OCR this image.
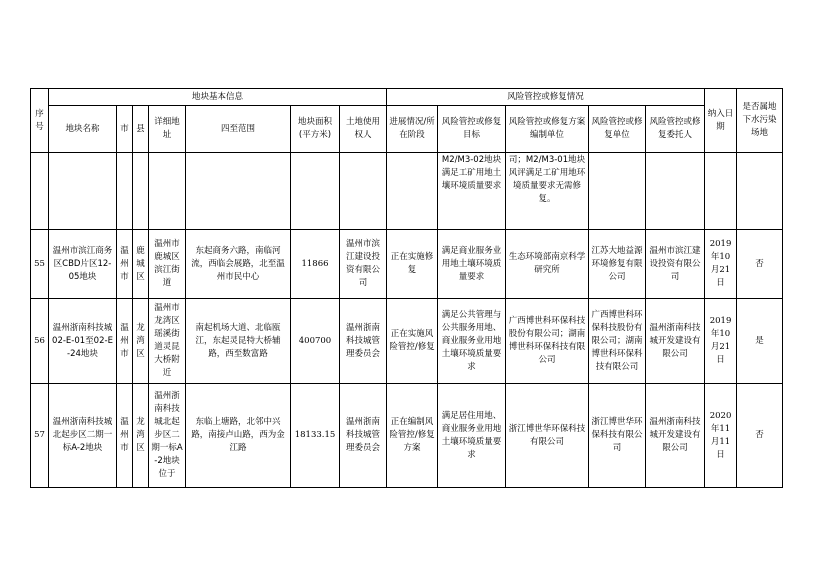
序号	地块基本信息							风险管控或修复情况					纳入日期	是否属地下水污染场地
	地块名称	市	县	详细地址	四至范围	地块面积(平方米)	土地使用权人	进展情况/所在阶段	风险管控或修复目标	风险管控或修复方案编制单位	风险管控或修复单位	风险管控或修复委托人		
									M2/M3-02地块满足工矿用地土壤环境质量要求	司；M2/M3-01地块风评满足工矿用地环境质量要求无需修复。				
55	温州市滨江商务区CBD片区12-05地块	温州市	鹿城区	温州市鹿城区滨江街道	东起商务六路，南临河流，西临会展路，北至温州市民中心	11866	温州市滨江建设投资有限公司	正在实施修复	满足商业服务业用地土壤环境质量要求	生态环境部南京科学研究所	江苏大地益源环境修复有限公司	温州市滨江建设投资有限公司	2019年10月21日	否
56	温州浙南科技城02-E-01至02-E-24地块	温州市	龙湾区	温州市龙湾区瑶溪街道灵昆大桥附近	南起机场大道、北临瓯江，东起灵昆特大桥辅路，西至数富路	400700	温州浙南科技城管理委员会	正在实施风险管控/修复	满足公共管理与公共服务用地、商业服务业用地土壤环境质量要求	广西博世科环保科技股份有限公司；湖南博世科环保科技有限公司	广西博世科环保科技股份有限公司；湖南博世科环保科技有限公司	温州浙南科技城开发建设有限公司	2019年10月21日	是
57	温州浙南科技城北起步区二期一标A-2地块	温州市	龙湾区	温州浙南科技城北起步区二期一标A-2地块位于	东临上塘路，北邻中兴路，南接卢山路，西为金江路	18133.15	温州浙南科技城管理委员会	正在编制风险管控/修复方案	满足居住用地、商业服务业用地土壤环境质量要求	浙江博世华环保科技有限公司	浙江博世华环保科技有限公司	温州浙南科技城开发建设有限公司	2020年11月11日	否
